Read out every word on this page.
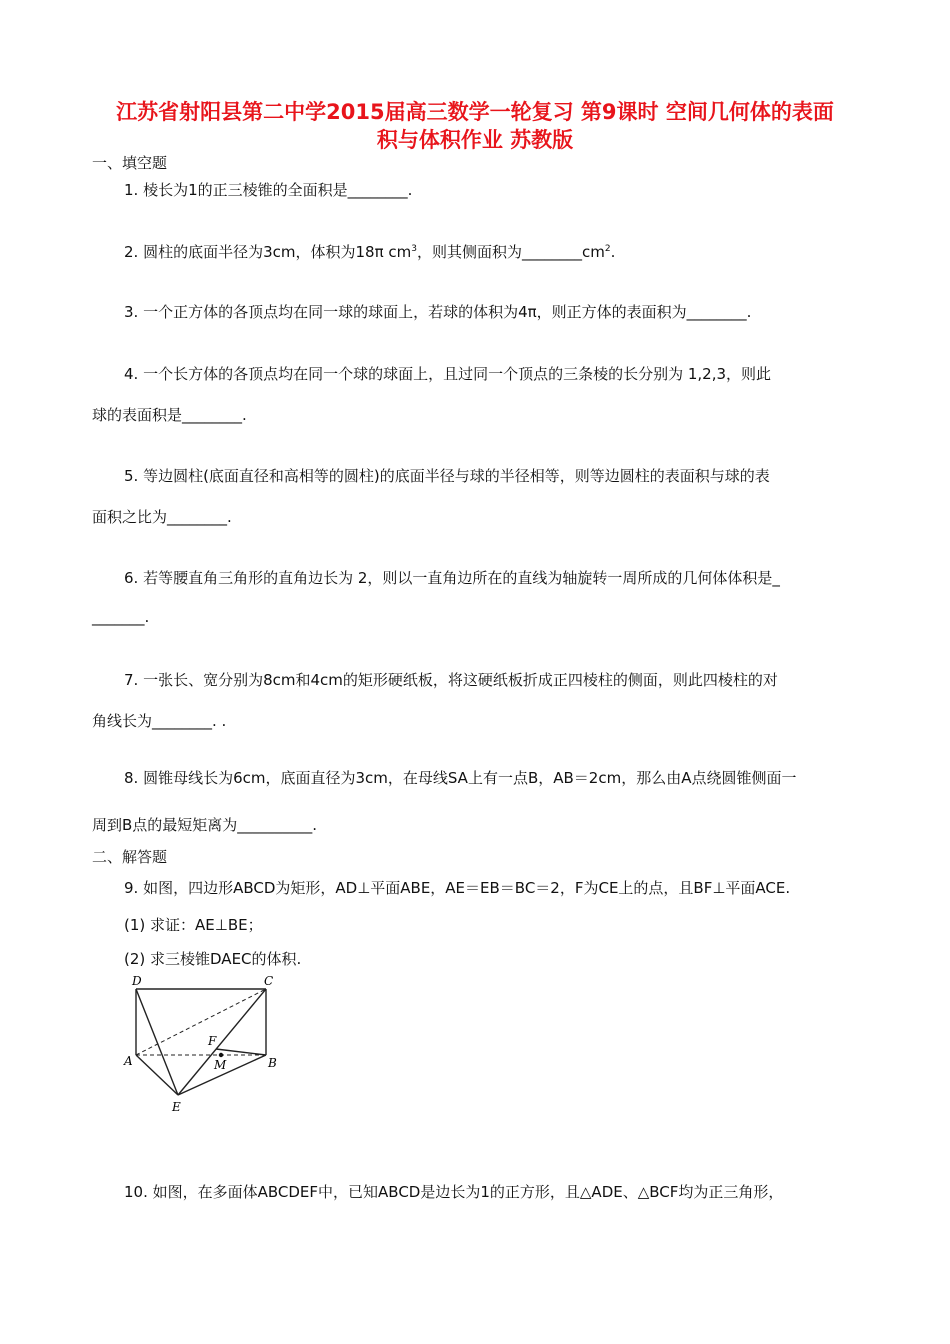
江苏省射阳县第二中学2015届高三数学一轮复习 第9课时 空间几何体的表面
积与体积作业 苏教版
一、填空题
1. 棱长为1的正三棱锥的全面积是________.
2. 圆柱的底面半径为3cm，体积为18π $cm^3$，则其侧面积为$\_\_\_\_\_\_\_\_cm^2$.
3. 一个正方体的各顶点均在同一球的球面上，若球的体积为4π，则正方体的表面积为________.
4. 一个长方体的各顶点均在同一个球的球面上，且过同一个顶点的三条棱的长分别为 1,2,3，则此
球的表面积是________.
5. 等边圆柱(底面直径和高相等的圆柱)的底面半径与球的半径相等，则等边圆柱的表面积与球的表
面积之比为________.
6. 若等腰直角三角形的直角边长为 2，则以一直角边所在的直线为轴旋转一周所成的几何体体积是_
_______.
7. 一张长、宽分别为8cm和4cm的矩形硬纸板，将这硬纸板折成正四棱柱的侧面，则此四棱柱的对
角线长为________. .
8. 圆锥母线长为6cm，底面直径为3cm，在母线SA上有一点B，AB＝2cm，那么由A点绕圆锥侧面一
周到B点的最短矩离为__________.
二、解答题
9. 如图，四边形ABCD为矩形，AD⊥平面ABE，AE＝EB＝BC＝2，F为CE上的点，且BF⊥平面ACE.
(1) 求证：AE⊥BE；
(2) 求三棱锥DAEC的体积.
D	C
A	B
E
F
M
10. 如图，在多面体ABCDEF中，已知ABCD是边长为1的正方形，且△ADE、△BCF均为正三角形，
